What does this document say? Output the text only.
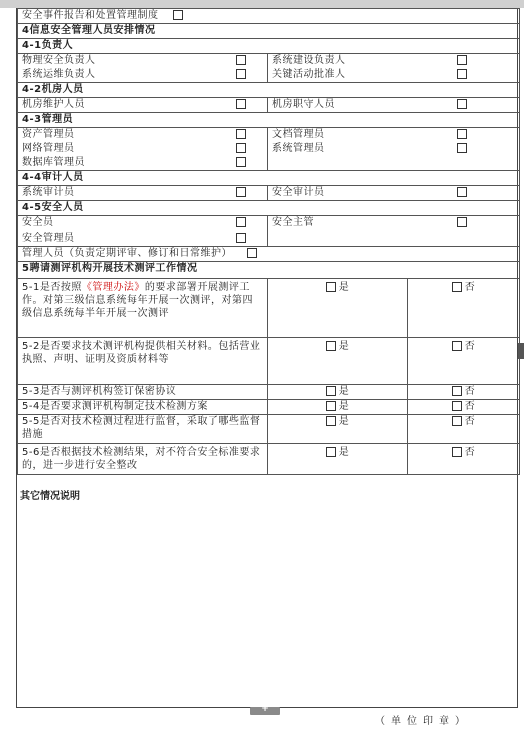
安全事件报告和处置管理制度			
4信息安全管理人员安排情况			
4-1负责人			
物理安全负责人		系统建设负责人	
系统运维负责人		关键活动批准人	
4-2机房人员			
机房维护人员		机房职守人员	
4-3管理员			
资产管理员		文档管理员	
网络管理员		系统管理员	
数据库管理员			
4-4审计人员			
系统审计员		安全审计员	
4-5安全人员			
安全员		安全主管	
安全管理员			
管理人员（负责定期评审、修订和日常维护）			
5聘请测评机构开展技术测评工作情况			
5-1是否按照《管理办法》的要求部署开展测评工作。对第三级信息系统每年开展一次测评，对第四级信息系统每半年开展一次测评		是	否
5-2是否要求技术测评机构提供相关材料。包括营业执照、声明、证明及资质材料等		是	否
5-3是否与测评机构签订保密协议		是	否
5-4是否要求测评机构制定技术检测方案		是	否
5-5是否对技术检测过程进行监督，采取了哪些监督措施		是	否
5-6是否根据技术检测结果，对不符合安全标准要求的，进一步进行安全整改		是	否
其它情况说明
+
（单位印章）
